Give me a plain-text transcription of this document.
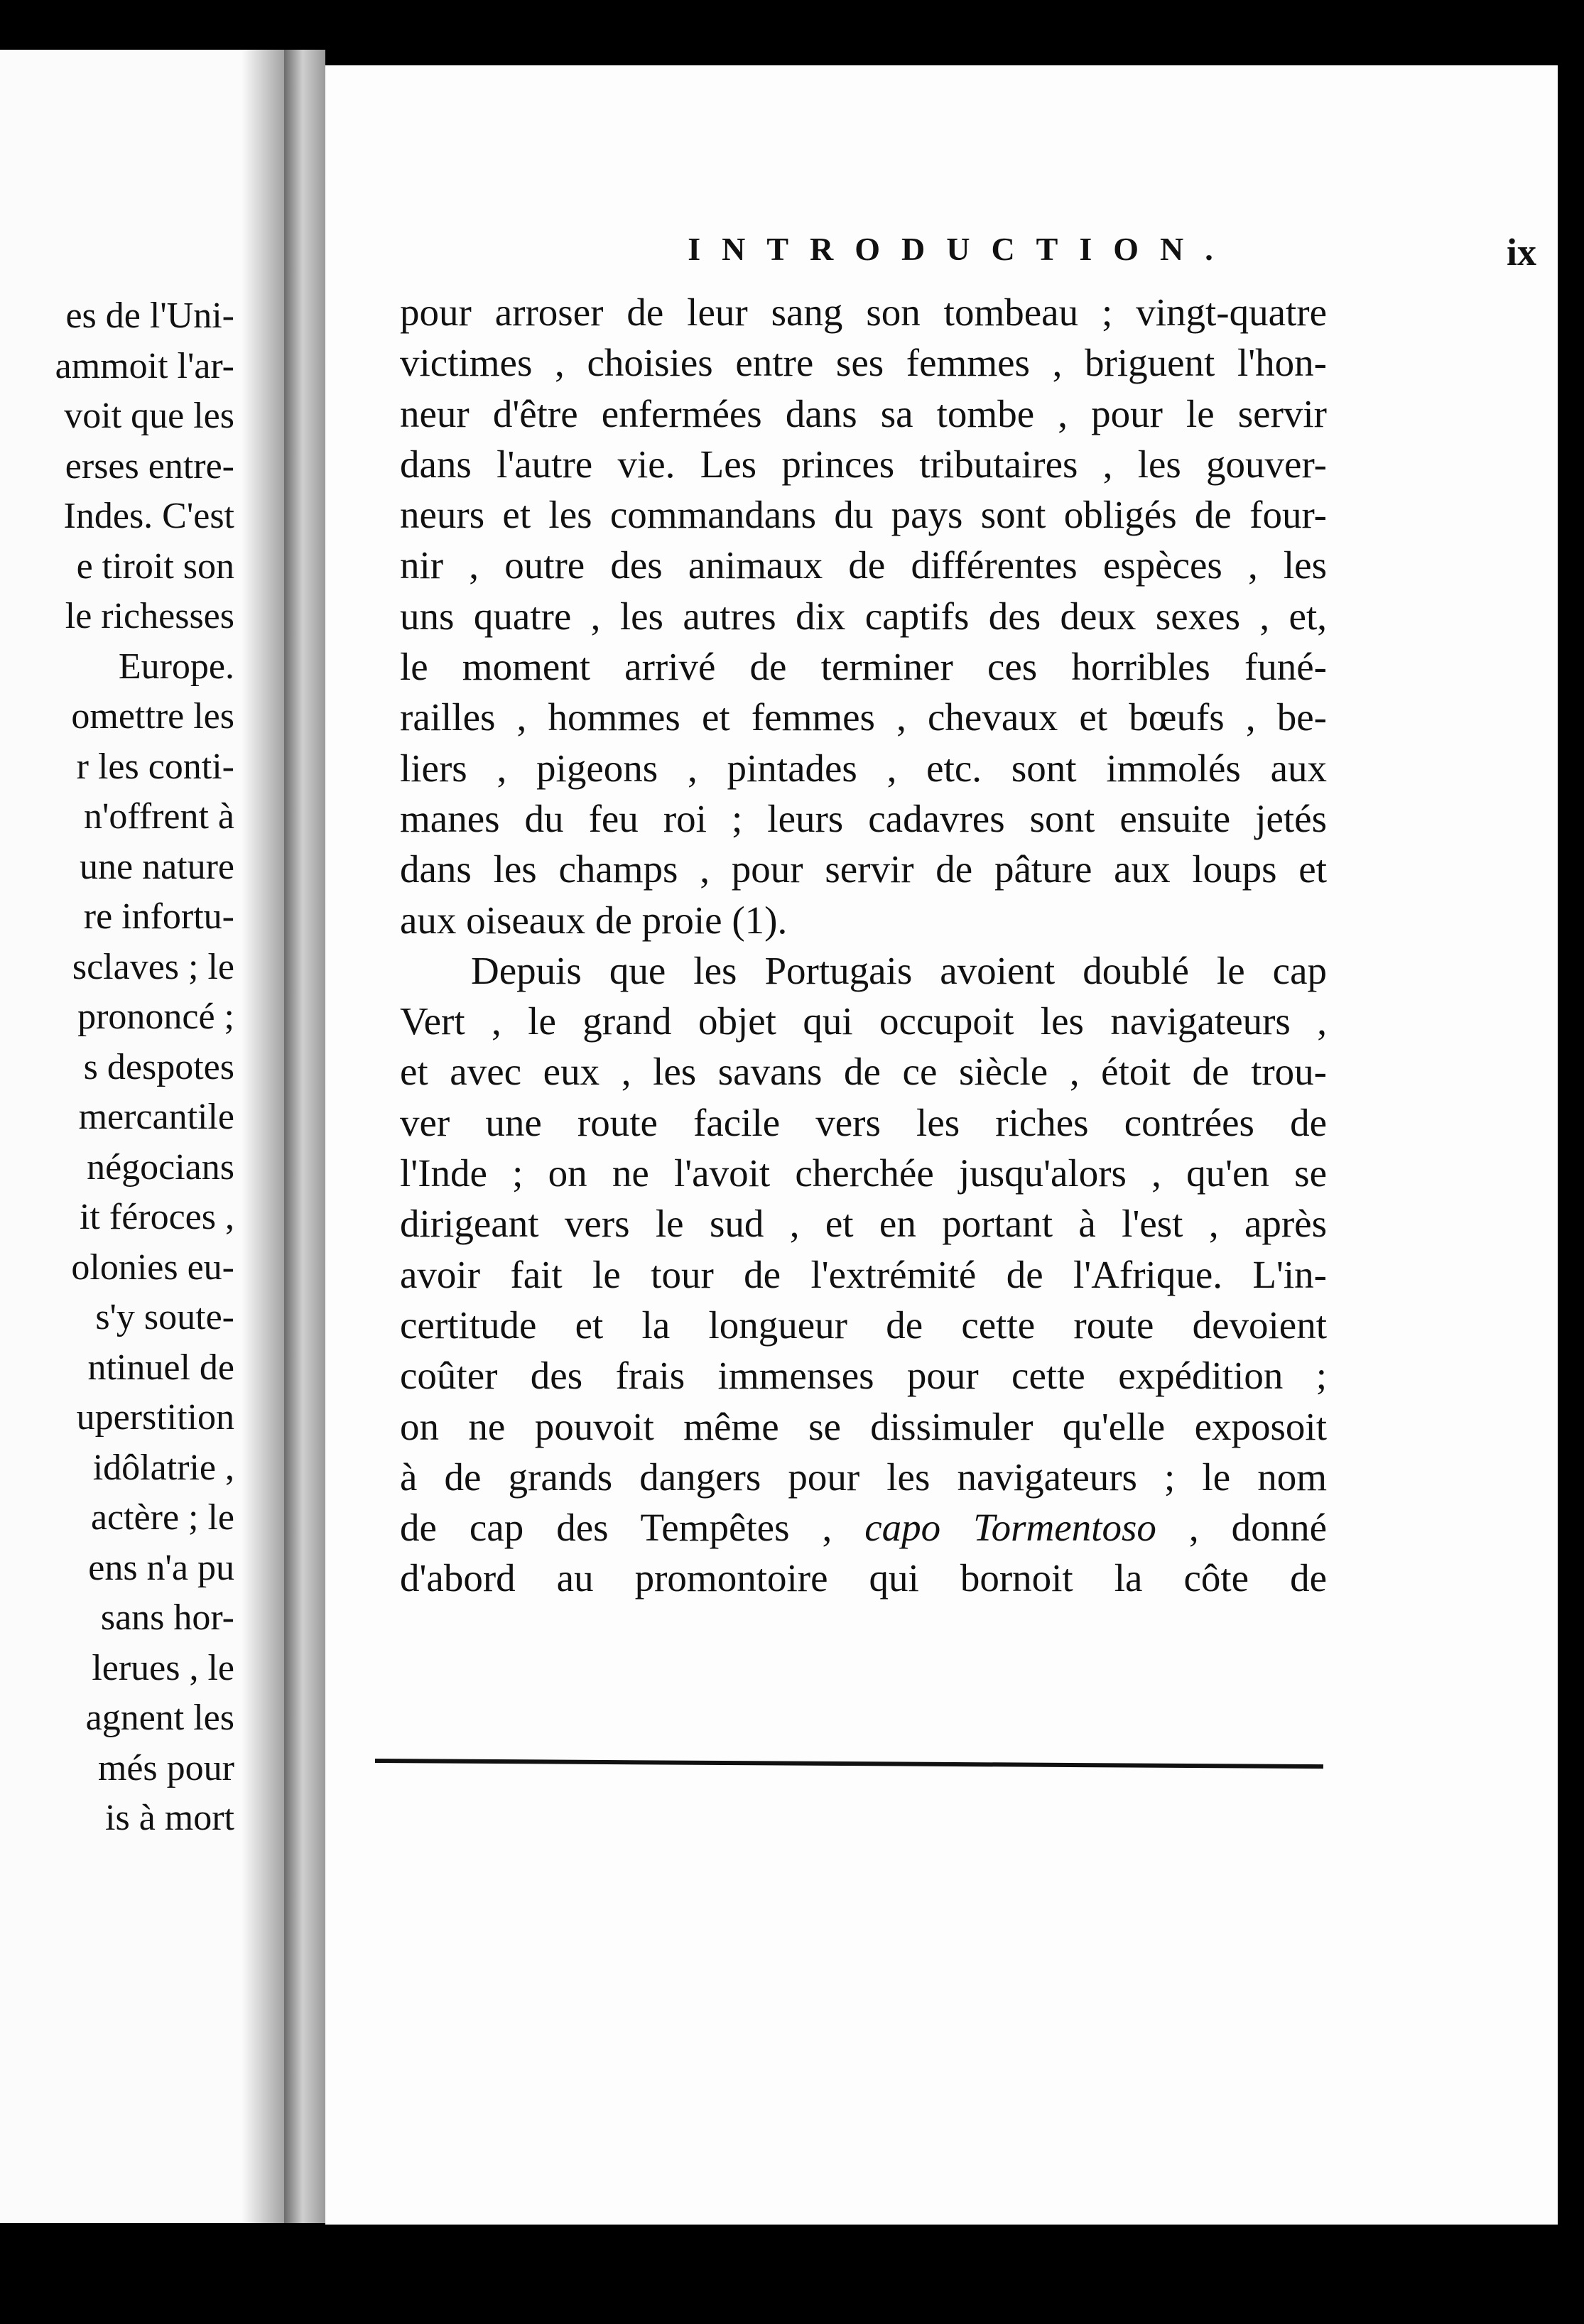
es de l'Uni-
ammoit l'ar-
voit que les
erses entre-
Indes. C'est
e tiroit son
le richesses
Europe.
omettre les
r les conti-
n'offrent à
une nature
re infortu-
sclaves ; le
prononcé ;
s despotes
mercantile
négocians
it féroces ,
olonies eu-
s'y soute-
ntinuel de
uperstition
idôlatrie ,
actère ; le
ens n'a pu
sans hor-
lerues , le
agnent les
més pour
is à mort
INTRODUCTION.	ix
pour arroser de leur sang son tombeau ; vingt-quatre
victimes , choisies entre ses femmes , briguent l'hon-
neur d'être enfermées dans sa tombe , pour le servir
dans l'autre vie. Les princes tributaires , les gouver-
neurs et les commandans du pays sont obligés de four-
nir , outre des animaux de différentes espèces , les
uns quatre , les autres dix captifs des deux sexes , et,
le moment arrivé de terminer ces horribles funé-
railles , hommes et femmes , chevaux et bœufs , be-
liers , pigeons , pintades , etc. sont immolés aux
manes du feu roi ; leurs cadavres sont ensuite jetés
dans les champs , pour servir de pâture aux loups et
aux oiseaux de proie (1).
Depuis que les Portugais avoient doublé le cap
Vert , le grand objet qui occupoit les navigateurs ,
et avec eux , les savans de ce siècle , étoit de trou-
ver une route facile vers les riches contrées de
l'Inde ; on ne l'avoit cherchée jusqu'alors , qu'en se
dirigeant vers le sud , et en portant à l'est , après
avoir fait le tour de l'extrémité de l'Afrique. L'in-
certitude et la longueur de cette route devoient
coûter des frais immenses pour cette expédition ;
on ne pouvoit même se dissimuler qu'elle exposoit
à de grands dangers pour les navigateurs ; le nom
de cap des Tempêtes , capo Tormentoso , donné
d'abord au promontoire qui bornoit la côte de
